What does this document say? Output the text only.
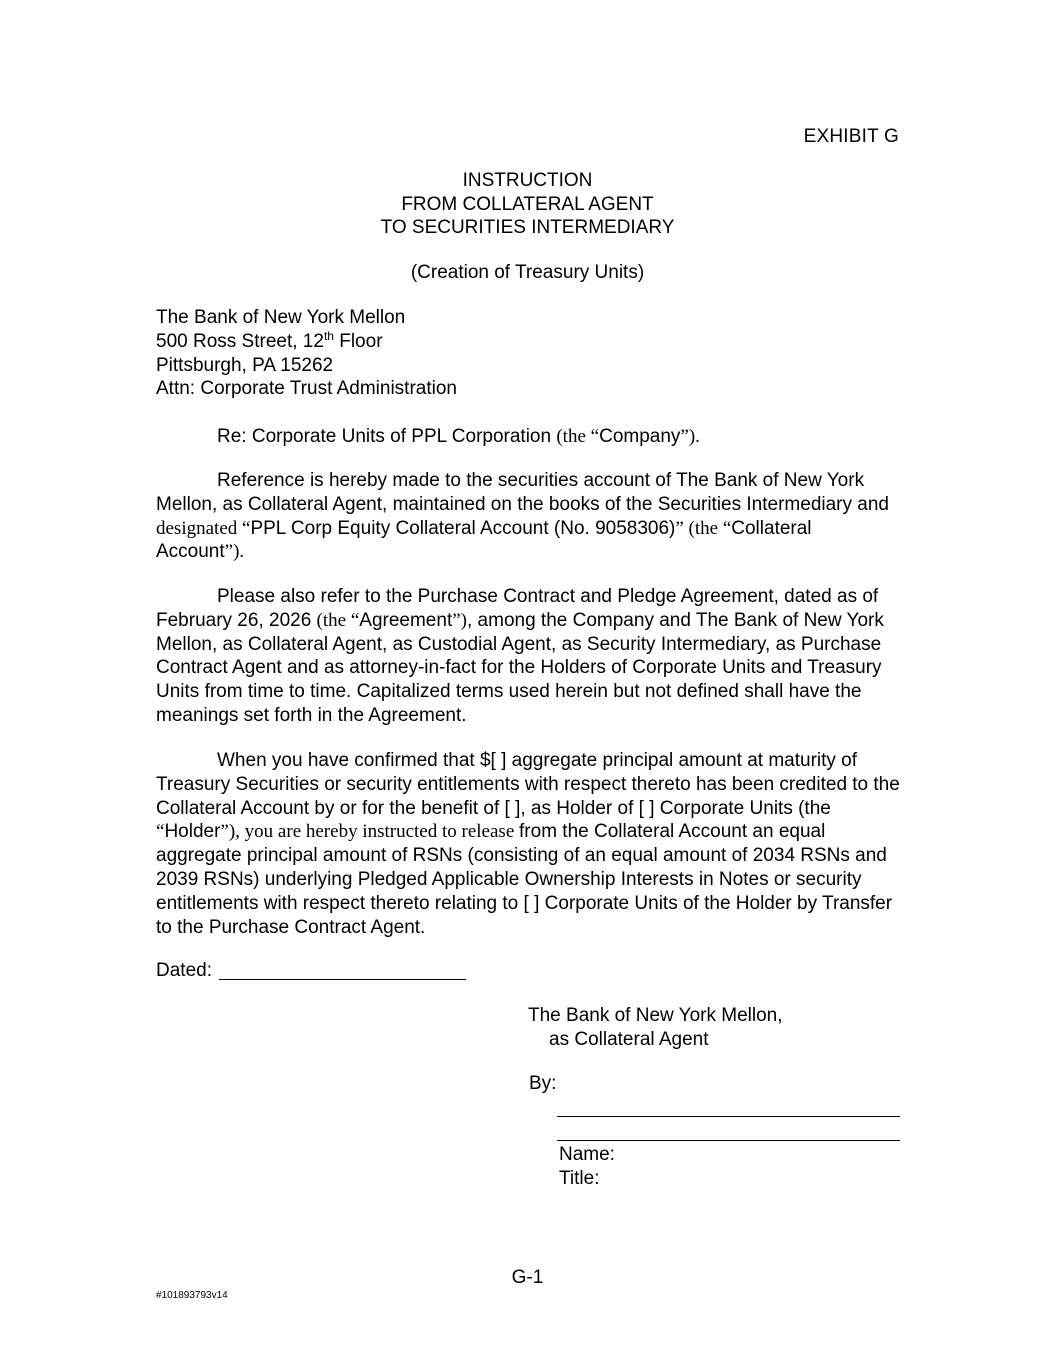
EXHIBIT G
INSTRUCTION
FROM COLLATERAL AGENT
TO SECURITIES INTERMEDIARY
(Creation of Treasury Units)
The Bank of New York Mellon
500 Ross Street, 12th Floor
Pittsburgh, PA 15262
Attn: Corporate Trust Administration
Re: Corporate Units of PPL Corporation (the “Company”).
Reference is hereby made to the securities account of The Bank of New York Mellon, as Collateral Agent, maintained on the books of the Securities Intermediary and designated “PPL Corp Equity Collateral Account (No. 9058306)” (the “Collateral Account”).
Please also refer to the Purchase Contract and Pledge Agreement, dated as of February 26, 2026 (the “Agreement”), among the Company and The Bank of New York Mellon, as Collateral Agent, as Custodial Agent, as Security Intermediary, as Purchase Contract Agent and as attorney-in-fact for the Holders of Corporate Units and Treasury Units from time to time. Capitalized terms used herein but not defined shall have the meanings set forth in the Agreement.
When you have confirmed that $[ ] aggregate principal amount at maturity of Treasury Securities or security entitlements with respect thereto has been credited to the Collateral Account by or for the benefit of [ ], as Holder of [ ] Corporate Units (the “Holder”), you are hereby instructed to release from the Collateral Account an equal aggregate principal amount of RSNs (consisting of an equal amount of 2034 RSNs and 2039 RSNs) underlying Pledged Applicable Ownership Interests in Notes or security entitlements with respect thereto relating to [ ] Corporate Units of the Holder by Transfer to the Purchase Contract Agent.
Dated:
The Bank of New York Mellon,
as Collateral Agent
By:
Name:
Title:
G-1
#101893793v14
